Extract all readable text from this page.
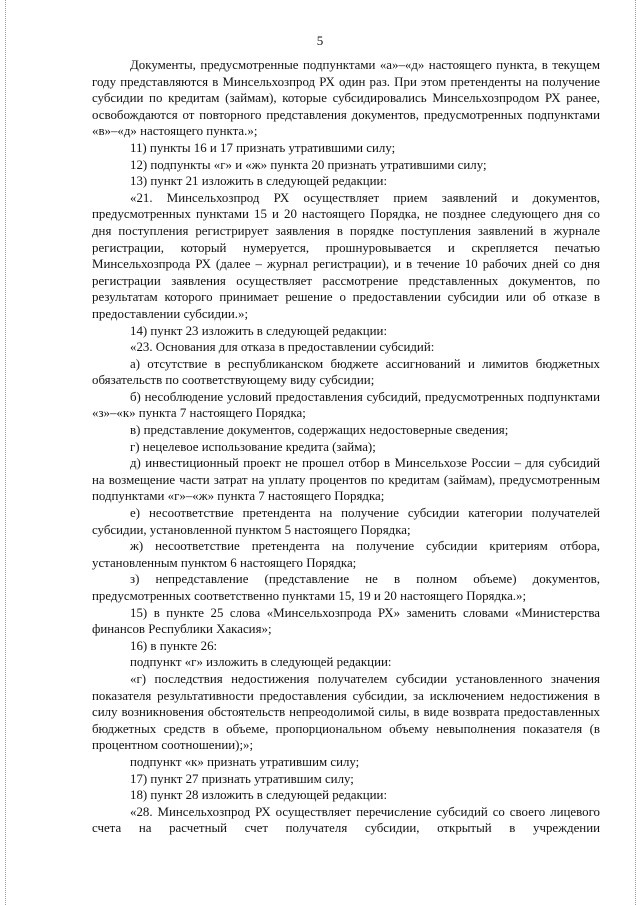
5

Документы, предусмотренные подпунктами «а»–«д» настоящего пункта, в текущем году представляются в Минсельхозпрод РХ один раз. При этом претенденты на получение субсидии по кредитам (займам), которые субсидировались Минсельхозпродом РХ ранее, освобождаются от повторного представления документов, предусмотренных подпунктами «в»–«д» настоящего пункта.»;

11) пункты 16 и 17 признать утратившими силу;

12) подпункты «г» и «ж» пункта 20 признать утратившими силу;

13) пункт 21 изложить в следующей редакции:

«21. Минсельхозпрод РХ осуществляет прием заявлений и документов, предусмотренных пунктами 15 и 20 настоящего Порядка, не позднее следующего дня со дня поступления регистрирует заявления в порядке поступления заявлений в журнале регистрации, который нумеруется, прошнуровывается и скрепляется печатью Минсельхозпрода РХ (далее – журнал регистрации), и в течение 10 рабочих дней со дня регистрации заявления осуществляет рассмотрение представленных документов, по результатам которого принимает решение о предоставлении субсидии или об отказе в предоставлении субсидии.»;

14) пункт 23 изложить в следующей редакции:

«23. Основания для отказа в предоставлении субсидий:

а) отсутствие в республиканском бюджете ассигнований и лимитов бюджетных обязательств по соответствующему виду субсидии;

б) несоблюдение условий предоставления субсидий, предусмотренных подпунктами «з»–«к» пункта 7 настоящего Порядка;

в) представление документов, содержащих недостоверные сведения;

г) нецелевое использование кредита (займа);

д) инвестиционный проект не прошел отбор в Минсельхозе России – для субсидий на возмещение части затрат на уплату процентов по кредитам (займам), предусмотренным подпунктами «г»–«ж» пункта 7 настоящего Порядка;

е) несоответствие претендента на получение субсидии категории получателей субсидии, установленной пунктом 5 настоящего Порядка;

ж) несоответствие претендента на получение субсидии критериям отбора, установленным пунктом 6 настоящего Порядка;

з) непредставление (представление не в полном объеме) документов, предусмотренных соответственно пунктами 15, 19 и 20 настоящего Порядка.»;

15) в пункте 25 слова «Минсельхозпрода РХ» заменить словами «Министерства финансов Республики Хакасия»;

16) в пункте 26:

подпункт «г» изложить в следующей редакции:

«г) последствия недостижения получателем субсидии установленного значения показателя результативности предоставления субсидии, за исключением недостижения в силу возникновения обстоятельств непреодолимой силы, в виде возврата предоставленных бюджетных средств в объеме, пропорциональном объему невыполнения показателя (в процентном соотношении);»;

подпункт «к» признать утратившим силу;

17) пункт 27 признать утратившим силу;

18) пункт 28 изложить в следующей редакции:

«28. Минсельхозпрод РХ осуществляет перечисление субсидий со своего лицевого счета на расчетный счет получателя субсидии, открытый в учреждении
